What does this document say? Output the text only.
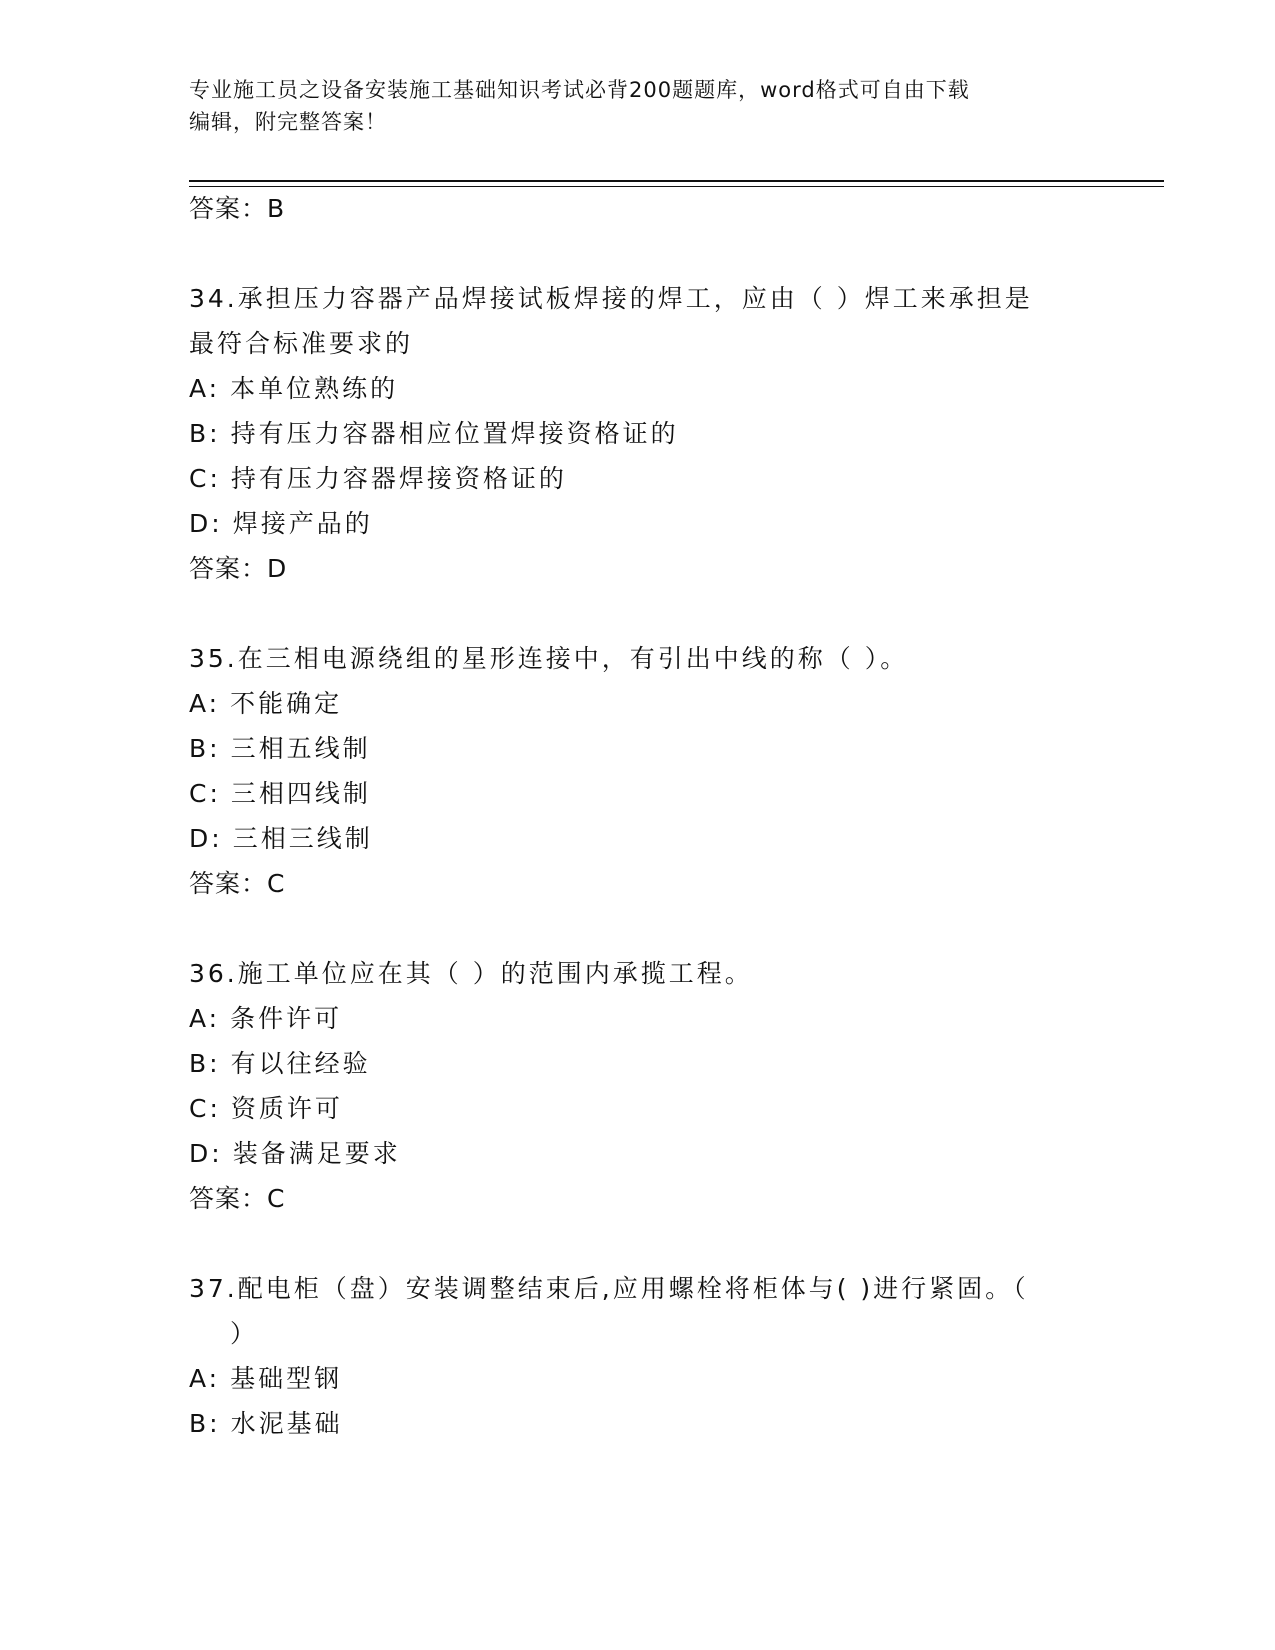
专业施工员之设备安装施工基础知识考试必背200题题库，word格式可自由下载
编辑，附完整答案！
答案：B
34.承担压力容器产品焊接试板焊接的焊工，应由（ ）焊工来承担是
最符合标准要求的
A: 本单位熟练的
B: 持有压力容器相应位置焊接资格证的
C: 持有压力容器焊接资格证的
D: 焊接产品的
答案：D
35.在三相电源绕组的星形连接中，有引出中线的称（ ）。
A: 不能确定
B: 三相五线制
C: 三相四线制
D: 三相三线制
答案：C
36.施工单位应在其（ ）的范围内承揽工程。
A: 条件许可
B: 有以往经验
C: 资质许可
D: 装备满足要求
答案：C
37.配电柜（盘）安装调整结束后,应用螺栓将柜体与( )进行紧固。（
）
A: 基础型钢
B: 水泥基础
